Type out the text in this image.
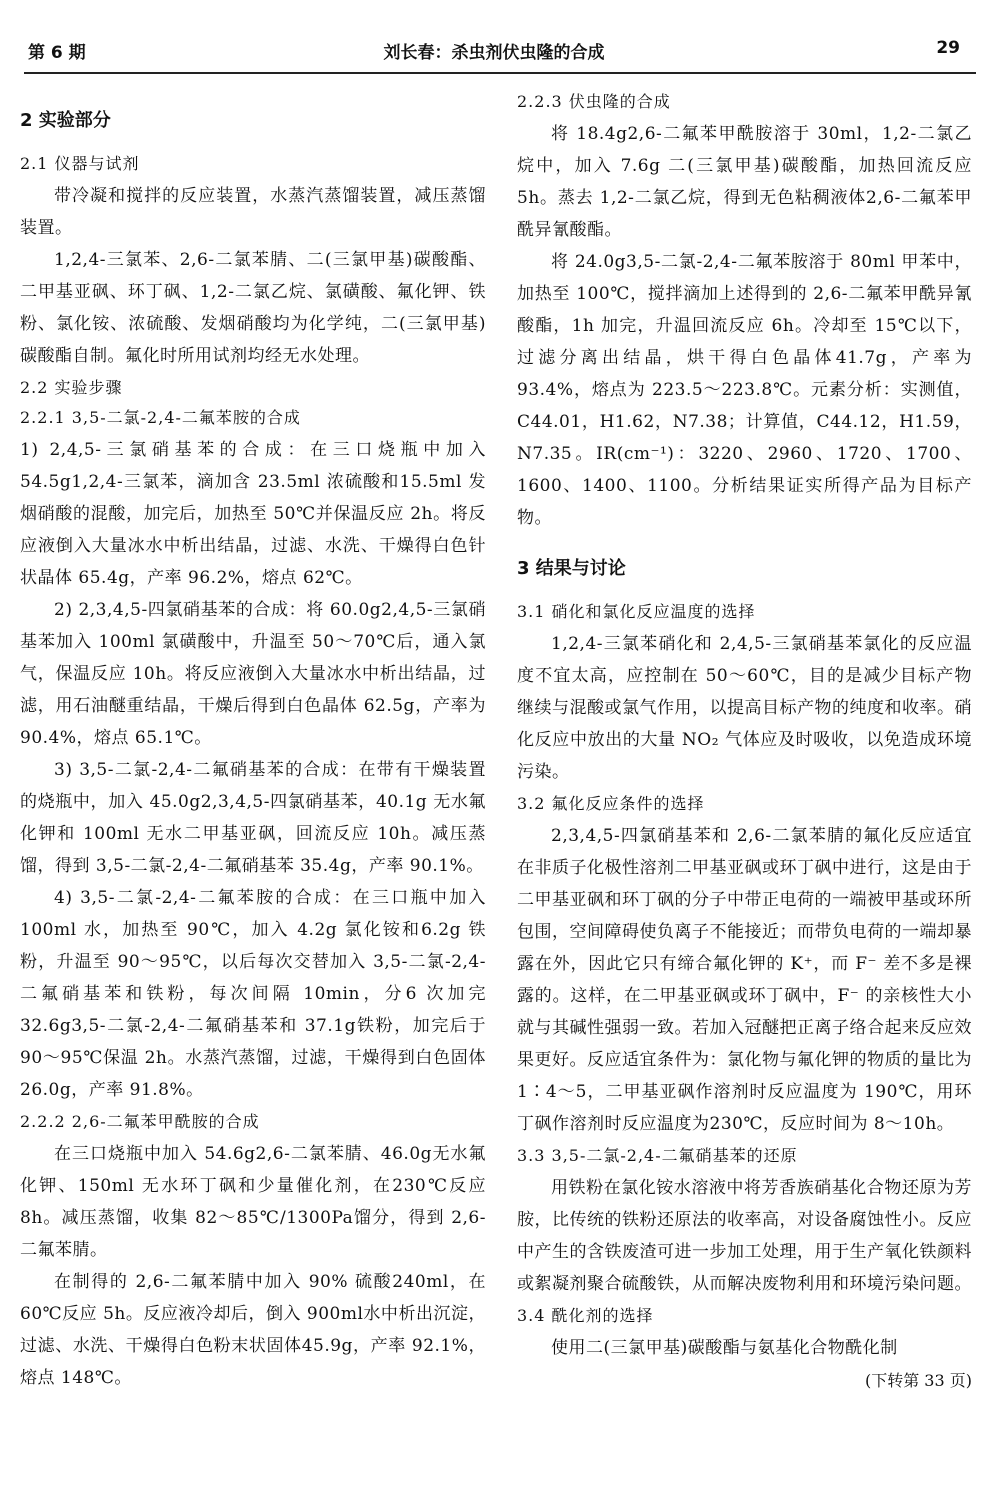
第 6 期	刘长春：杀虫剂伏虫隆的合成	29
2 实验部分
2.1 仪器与试剂

带冷凝和搅拌的反应装置，水蒸汽蒸馏装置，减压蒸馏装置。

1,2,4-三氯苯、2,6-二氯苯腈、二(三氯甲基)碳酸酯、二甲基亚砜、环丁砜、1,2-二氯乙烷、氯磺酸、氟化钾、铁粉、氯化铵、浓硫酸、发烟硝酸均为化学纯，二(三氯甲基)碳酸酯自制。氟化时所用试剂均经无水处理。

2.2 实验步骤
2.2.1 3,5-二氯-2,4-二氟苯胺的合成

1) 2,4,5-三氯硝基苯的合成：在三口烧瓶中加入54.5g1,2,4-三氯苯，滴加含 23.5ml 浓硫酸和15.5ml 发烟硝酸的混酸，加完后，加热至 50℃并保温反应 2h。将反应液倒入大量冰水中析出结晶，过滤、水洗、干燥得白色针状晶体 65.4g，产率 96.2%，熔点 62℃。

2) 2,3,4,5-四氯硝基苯的合成：将 60.0g2,4,5-三氯硝基苯加入 100ml 氯磺酸中，升温至 50～70℃后，通入氯气，保温反应 10h。将反应液倒入大量冰水中析出结晶，过滤，用石油醚重结晶，干燥后得到白色晶体 62.5g，产率为 90.4%，熔点 65.1℃。

3) 3,5-二氯-2,4-二氟硝基苯的合成：在带有干燥装置的烧瓶中，加入 45.0g2,3,4,5-四氯硝基苯，40.1g 无水氟化钾和 100ml 无水二甲基亚砜，回流反应 10h。减压蒸馏，得到 3,5-二氯-2,4-二氟硝基苯 35.4g，产率 90.1%。

4) 3,5-二氯-2,4-二氟苯胺的合成：在三口瓶中加入 100ml 水，加热至 90℃，加入 4.2g 氯化铵和6.2g 铁粉，升温至 90～95℃，以后每次交替加入 3,5-二氯-2,4-二氟硝基苯和铁粉，每次间隔 10min，分6 次加完 32.6g3,5-二氯-2,4-二氟硝基苯和 37.1g铁粉，加完后于 90～95℃保温 2h。水蒸汽蒸馏，过滤，干燥得到白色固体 26.0g，产率 91.8%。

2.2.2 2,6-二氟苯甲酰胺的合成

在三口烧瓶中加入 54.6g2,6-二氯苯腈、46.0g无水氟化钾、150ml 无水环丁砜和少量催化剂，在230℃反应 8h。减压蒸馏，收集 82～85℃/1300Pa馏分，得到 2,6-二氟苯腈。

在制得的 2,6-二氟苯腈中加入 90% 硫酸240ml，在 60℃反应 5h。反应液冷却后，倒入 900ml水中析出沉淀，过滤、水洗、干燥得白色粉末状固体45.9g，产率 92.1%，熔点 148℃。

2.2.3 伏虫隆的合成

将 18.4g2,6-二氟苯甲酰胺溶于 30ml，1,2-二氯乙烷中，加入 7.6g 二(三氯甲基)碳酸酯，加热回流反应 5h。蒸去 1,2-二氯乙烷，得到无色粘稠液体2,6-二氟苯甲酰异氰酸酯。

将 24.0g3,5-二氯-2,4-二氟苯胺溶于 80ml 甲苯中，加热至 100℃，搅拌滴加上述得到的 2,6-二氟苯甲酰异氰酸酯，1h 加完，升温回流反应 6h。冷却至 15℃以下，过滤分离出结晶，烘干得白色晶体41.7g，产率为 93.4%，熔点为 223.5～223.8℃。元素分析：实测值，C44.01，H1.62，N7.38；计算值，C44.12，H1.59，N7.35。IR(cm⁻¹)：3220、2960、1720、1700、1600、1400、1100。分析结果证实所得产品为目标产物。

3 结果与讨论
3.1 硝化和氯化反应温度的选择

1,2,4-三氯苯硝化和 2,4,5-三氯硝基苯氯化的反应温度不宜太高，应控制在 50～60℃，目的是减少目标产物继续与混酸或氯气作用，以提高目标产物的纯度和收率。硝化反应中放出的大量 NO₂ 气体应及时吸收，以免造成环境污染。

3.2 氟化反应条件的选择

2,3,4,5-四氯硝基苯和 2,6-二氯苯腈的氟化反应适宜在非质子化极性溶剂二甲基亚砜或环丁砜中进行，这是由于二甲基亚砜和环丁砜的分子中带正电荷的一端被甲基或环所包围，空间障碍使负离子不能接近；而带负电荷的一端却暴露在外，因此它只有缔合氟化钾的 K⁺，而 F⁻ 差不多是裸露的。这样，在二甲基亚砜或环丁砜中，F⁻ 的亲核性大小就与其碱性强弱一致。若加入冠醚把正离子络合起来反应效果更好。反应适宜条件为：氯化物与氟化钾的物质的量比为 1∶4～5，二甲基亚砜作溶剂时反应温度为 190℃，用环丁砜作溶剂时反应温度为230℃，反应时间为 8～10h。

3.3 3,5-二氯-2,4-二氟硝基苯的还原

用铁粉在氯化铵水溶液中将芳香族硝基化合物还原为芳胺，比传统的铁粉还原法的收率高，对设备腐蚀性小。反应中产生的含铁废渣可进一步加工处理，用于生产氧化铁颜料或絮凝剂聚合硫酸铁，从而解决废物利用和环境污染问题。

3.4 酰化剂的选择

使用二(三氯甲基)碳酸酯与氨基化合物酰化制

(下转第 33 页)
